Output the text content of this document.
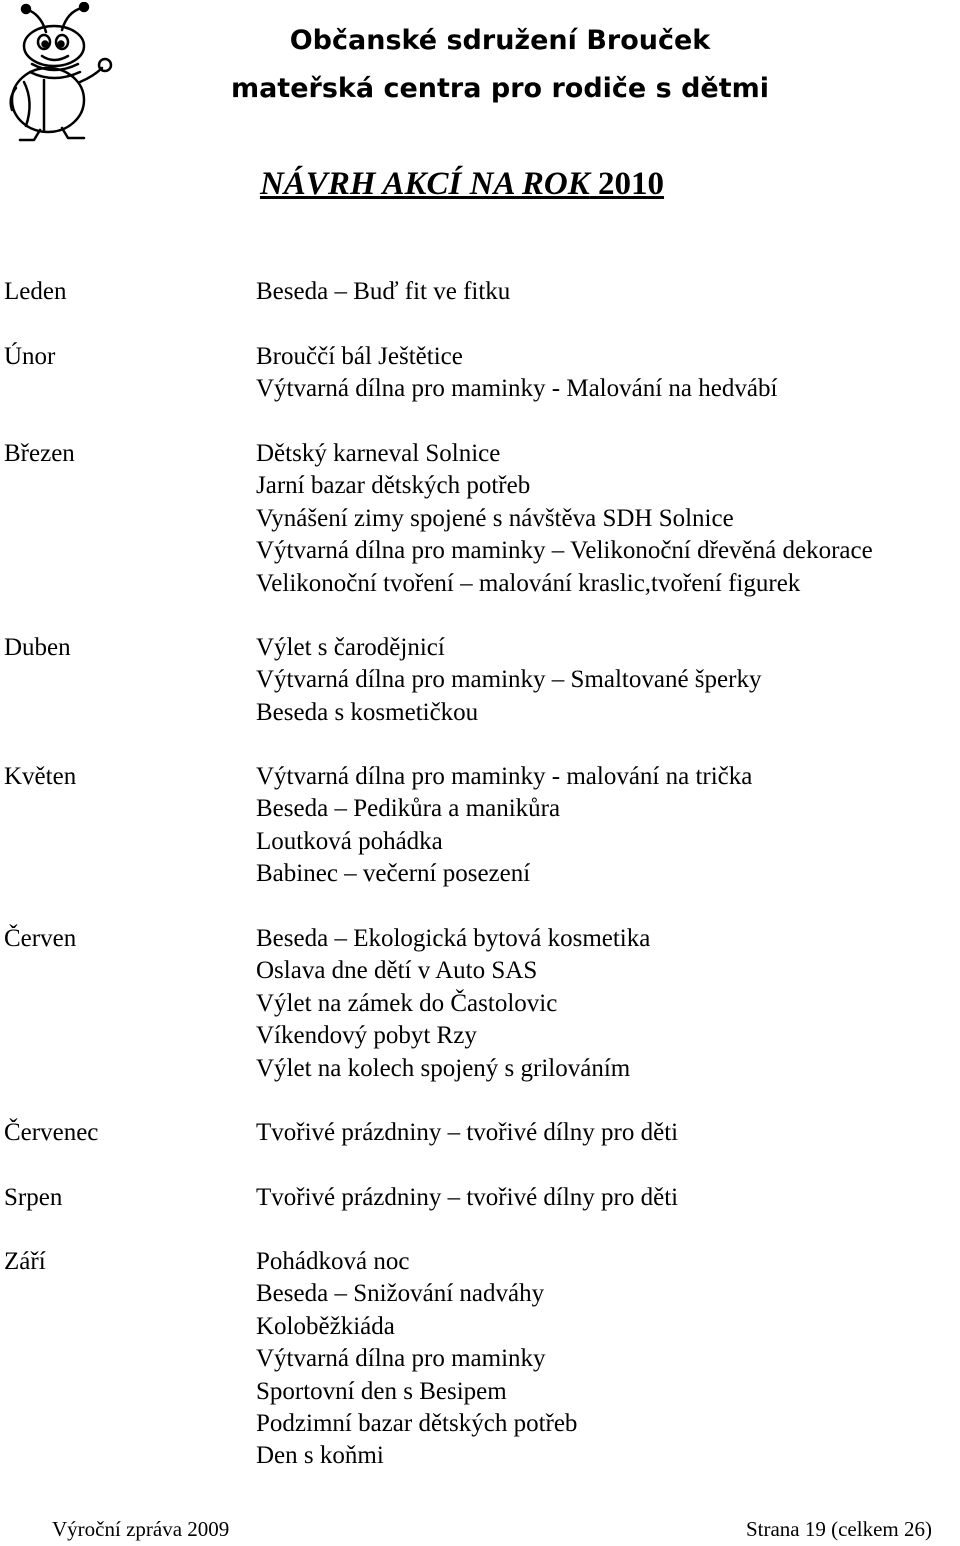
Občanské sdružení Brouček
mateřská centra pro rodiče s dětmi
NÁVRH AKCÍ NA ROK 2010
Leden	Beseda – Buď fit ve fitku
Únor	Brouččí bál Ještětice
Výtvarná dílna pro maminky - Malování na hedvábí
Březen	Dětský karneval Solnice
Jarní bazar dětských potřeb
Vynášení zimy spojené s návštěva SDH Solnice
Výtvarná dílna pro maminky – Velikonoční dřevěná dekorace
Velikonoční tvoření – malování kraslic,tvoření figurek
Duben	Výlet s čarodějnicí
Výtvarná dílna pro maminky – Smaltované šperky
Beseda s kosmetičkou
Květen	Výtvarná dílna pro maminky - malování na trička
Beseda – Pedikůra a manikůra
Loutková pohádka
Babinec – večerní posezení
Červen	Beseda – Ekologická bytová kosmetika
Oslava dne dětí v Auto SAS
Výlet na zámek do Častolovic
Víkendový pobyt Rzy
Výlet na kolech spojený s grilováním
Červenec	Tvořivé prázdniny – tvořivé dílny pro děti
Srpen	Tvořivé prázdniny – tvořivé dílny pro děti
Září	Pohádková noc
Beseda – Snižování nadváhy
Koloběžkiáda
Výtvarná dílna pro maminky
Sportovní den s Besipem
Podzimní bazar dětských potřeb
Den s koňmi
Výroční zpráva 2009	Strana 19 (celkem 26)
